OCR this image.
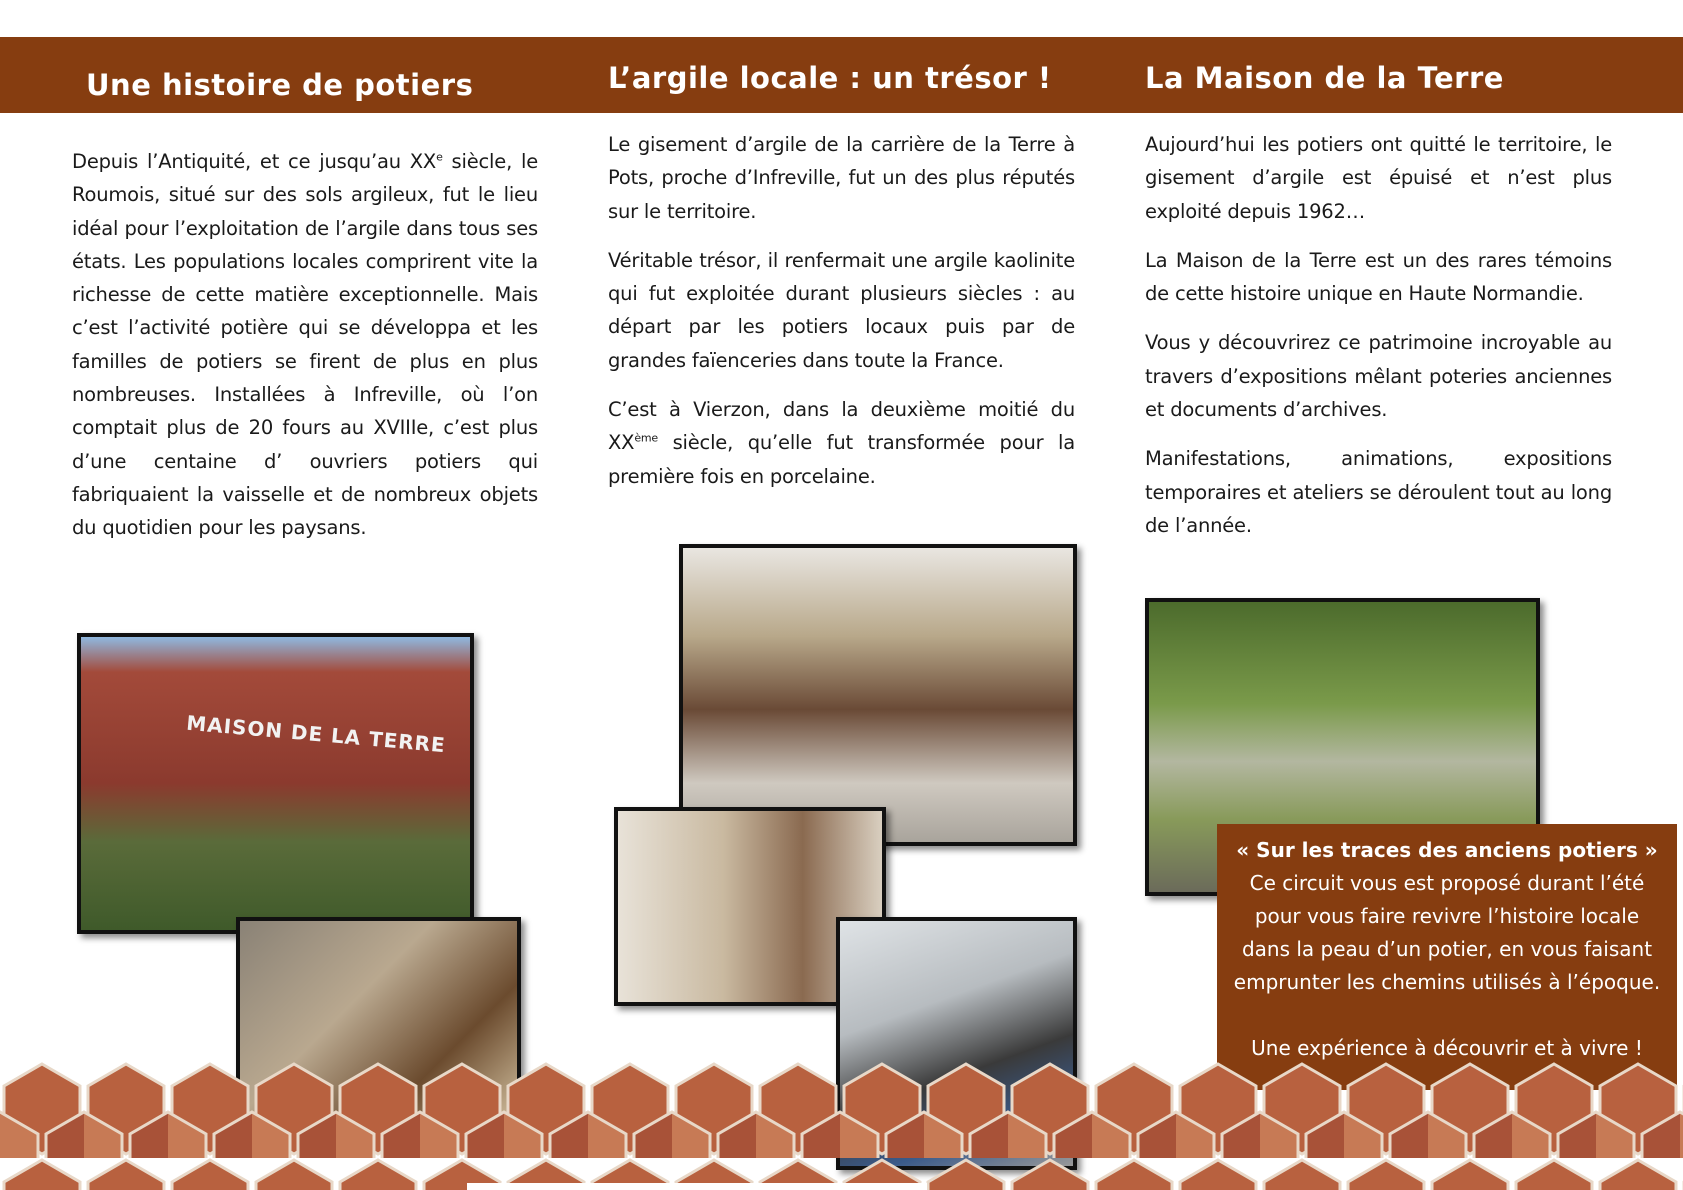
Une histoire de potiers	L’argile locale : un trésor !	La Maison de la Terre

Depuis l’Antiquité, et ce jusqu’au XXe siècle, le Roumois, situé sur des sols argileux, fut le lieu idéal pour l’exploitation de l’argile dans tous ses états. Les populations locales comprirent vite la richesse de cette matière exceptionnelle. Mais c’est l’activité potière qui se développa et les familles de potiers se firent de plus en plus nombreuses. Installées à Infreville, où l’on comptait plus de 20 fours au XVIIIe, c’est plus d’une centaine d’ ouvriers potiers qui fabriquaient la vaisselle et de nombreux objets du quotidien pour les paysans.

Le gisement d’argile de la carrière de la Terre à Pots, proche d’Infreville, fut un des plus réputés sur le territoire.

Véritable trésor, il renfermait une argile kaolinite qui fut exploitée durant plusieurs siècles : au départ par les potiers locaux puis par de grandes faïenceries dans toute la France.

C’est à Vierzon, dans la deuxième moitié du XXème siècle, qu’elle fut transformée pour la première fois en porcelaine.

Aujourd’hui les potiers ont quitté le territoire, le gisement d’argile est épuisé et n’est plus exploité depuis 1962…

La Maison de la Terre est un des rares témoins de cette histoire unique en Haute Normandie.

Vous y découvrirez ce patrimoine incroyable au travers d’expositions mêlant poteries anciennes et documents d’archives.

Manifestations, animations, expositions temporaires et ateliers se déroulent tout au long de l’année.

MAISON DE LA TERRE
« Sur les traces des anciens potiers »
Ce circuit vous est proposé durant l’été
pour vous faire revivre l’histoire locale
dans la peau d’un potier, en vous faisant
emprunter les chemins utilisés à l’époque.
Une expérience à découvrir et à vivre !
